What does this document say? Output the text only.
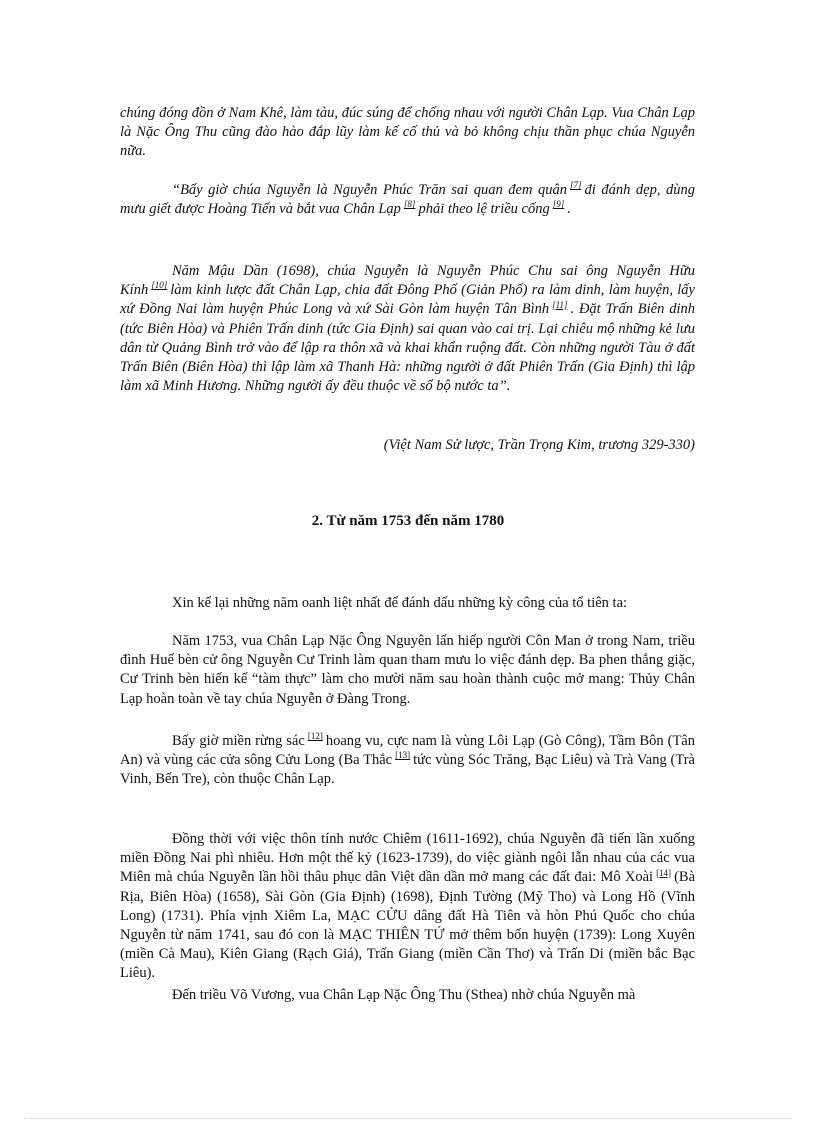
chúng đóng đồn ở Nam Khê, làm tàu, đúc súng để chống nhau với người Chân Lạp. Vua Chân Lạp là Nặc Ông Thu cũng đào hào đắp lũy làm kế cố thủ và bỏ không chịu thần phục chúa Nguyễn nữa.
“Bấy giờ chúa Nguyễn là Nguyễn Phúc Trăn sai quan đem quân [7] đi đánh dẹp, dùng mưu giết được Hoàng Tiến và bắt vua Chân Lạp [8] phải theo lệ triều cống [9] .
Năm Mậu Dần (1698), chúa Nguyễn là Nguyễn Phúc Chu sai ông Nguyễn Hữu Kính [10] làm kinh lược đất Chân Lạp, chia đất Đông Phố (Giản Phố) ra làm dinh, làm huyện, lấy xứ Đồng Nai làm huyện Phúc Long và xứ Sài Gòn làm huyện Tân Bình [11] . Đặt Trấn Biên dinh (tức Biên Hòa) và Phiên Trấn dinh (tức Gia Định) sai quan vào cai trị. Lại chiêu mộ những kẻ lưu dân từ Quảng Bình trở vào để lập ra thôn xã và khai khẩn ruộng đất. Còn những người Tàu ở đất Trấn Biên (Biên Hòa) thì lập làm xã Thanh Hà: những người ở đất Phiên Trấn (Gia Định) thì lập làm xã Minh Hương. Những người ấy đều thuộc về sổ bộ nước ta”.
(Việt Nam Sử lược, Trần Trọng Kim, trương 329-330)
2. Từ năm 1753 đến năm 1780
Xin kể lại những năm oanh liệt nhất để đánh dấu những kỳ công của tổ tiên ta:
Năm 1753, vua Chân Lạp Nặc Ông Nguyên lấn hiếp người Côn Man ở trong Nam, triều đình Huế bèn cử ông Nguyễn Cư Trinh làm quan tham mưu lo việc đánh dẹp. Ba phen thắng giặc, Cư Trinh bèn hiến kế “tàm thực” làm cho mười năm sau hoàn thành cuộc mở mang: Thủy Chân Lạp hoàn toàn về tay chúa Nguyễn ở Đàng Trong.
Bấy giờ miền rừng sác [12] hoang vu, cực nam là vùng Lôi Lạp (Gò Công), Tầm Bôn (Tân An) và vùng các cửa sông Cửu Long (Ba Thắc [13] tức vùng Sóc Trăng, Bạc Liêu) và Trà Vang (Trà Vinh, Bến Tre), còn thuộc Chân Lạp.
Đồng thời với việc thôn tính nước Chiêm (1611-1692), chúa Nguyễn đã tiến lần xuống miền Đồng Nai phì nhiêu. Hơn một thế kỷ (1623-1739), do việc giành ngôi lẫn nhau của các vua Miên mà chúa Nguyễn lần hồi thâu phục dân Việt dần dần mở mang các đất đai: Mô Xoài [14] (Bà Rịa, Biên Hòa) (1658), Sài Gòn (Gia Định) (1698), Định Tường (Mỹ Tho) và Long Hồ (Vĩnh Long) (1731). Phía vịnh Xiêm La, MẠC CỬU dâng đất Hà Tiên và hòn Phú Quốc cho chúa Nguyễn từ năm 1741, sau đó con là MẠC THIÊN TỨ mở thêm bốn huyện (1739): Long Xuyên (miền Cà Mau), Kiên Giang (Rạch Giá), Trấn Giang (miền Cần Thơ) và Trấn Di (miền bắc Bạc Liêu).
Đến triều Võ Vương, vua Chân Lạp Nặc Ông Thu (Sthea) nhờ chúa Nguyễn mà
